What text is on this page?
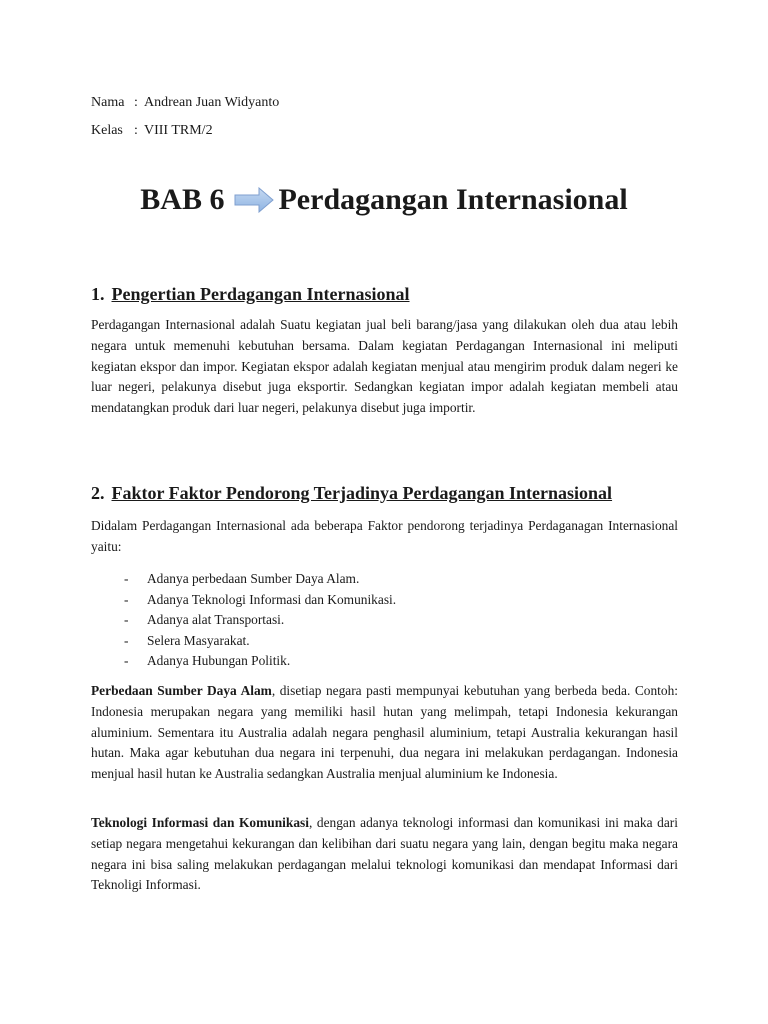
Nama : Andrean Juan Widyanto
Kelas : VIII TRM/2
BAB 6 Perdagangan Internasional
1. Pengertian Perdagangan Internasional

Perdagangan Internasional adalah Suatu kegiatan jual beli barang/jasa yang dilakukan oleh dua atau lebih negara untuk memenuhi kebutuhan bersama. Dalam kegiatan Perdagangan Internasional ini meliputi kegiatan ekspor dan impor. Kegiatan ekspor adalah kegiatan menjual atau mengirim produk dalam negeri ke luar negeri, pelakunya disebut juga eksportir. Sedangkan kegiatan impor adalah kegiatan membeli atau mendatangkan produk dari luar negeri, pelakunya disebut juga importir.

2. Faktor Faktor Pendorong Terjadinya Perdagangan Internasional

Didalam Perdagangan Internasional ada beberapa Faktor pendorong terjadinya Perdaganagan Internasional yaitu:

- Adanya perbedaan Sumber Daya Alam.
- Adanya Teknologi Informasi dan Komunikasi.
- Adanya alat Transportasi.
- Selera Masyarakat.
- Adanya Hubungan Politik.

Perbedaan Sumber Daya Alam, disetiap negara pasti mempunyai kebutuhan yang berbeda beda. Contoh: Indonesia merupakan negara yang memiliki hasil hutan yang melimpah, tetapi Indonesia kekurangan aluminium. Sementara itu Australia adalah negara penghasil aluminium, tetapi Australia kekurangan hasil hutan. Maka agar kebutuhan dua negara ini terpenuhi, dua negara ini melakukan perdagangan. Indonesia menjual hasil hutan ke Australia sedangkan Australia menjual aluminium ke Indonesia.

Teknologi Informasi dan Komunikasi, dengan adanya teknologi informasi dan komunikasi ini maka dari setiap negara mengetahui kekurangan dan kelibihan dari suatu negara yang lain, dengan begitu maka negara negara ini bisa saling melakukan perdagangan melalui teknologi komunikasi dan mendapat Informasi dari Teknoligi Informasi.
